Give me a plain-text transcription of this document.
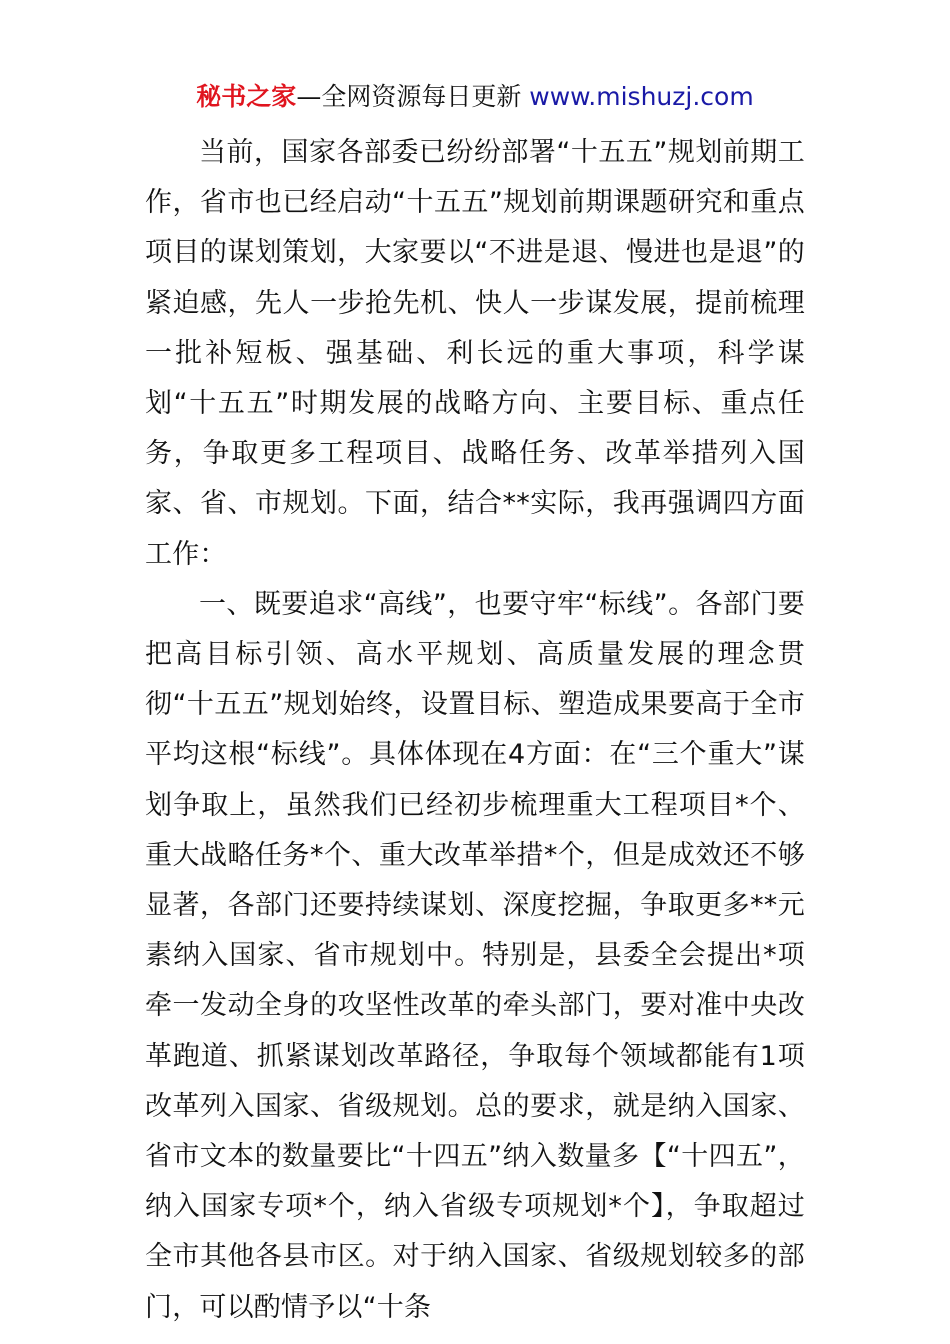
秘书之家—全网资源每日更新 www.mishuzj.com

当前，国家各部委已纷纷部署“十五五”规划前期工作，省市也已经启动“十五五”规划前期课题研究和重点项目的谋划策划，大家要以“不进是退、慢进也是退”的紧迫感，先人一步抢先机、快人一步谋发展，提前梳理一批补短板、强基础、利长远的重大事项，科学谋划“十五五”时期发展的战略方向、主要目标、重点任务，争取更多工程项目、战略任务、改革举措列入国家、省、市规划。下面，结合**实际，我再强调四方面工作：

一、既要追求“高线”，也要守牢“标线”。各部门要把高目标引领、高水平规划、高质量发展的理念贯彻“十五五”规划始终，设置目标、塑造成果要高于全市平均这根“标线”。具体体现在4方面：在“三个重大”谋划争取上，虽然我们已经初步梳理重大工程项目*个、重大战略任务*个、重大改革举措*个，但是成效还不够显著，各部门还要持续谋划、深度挖掘，争取更多**元素纳入国家、省市规划中。特别是，县委全会提出*项牵一发动全身的攻坚性改革的牵头部门，要对准中央改革跑道、抓紧谋划改革路径，争取每个领域都能有1项改革列入国家、省级规划。总的要求，就是纳入国家、省市文本的数量要比“十四五”纳入数量多【“十四五”，纳入国家专项*个，纳入省级专项规划*个】，争取超过全市其他各县市区。对于纳入国家、省级规划较多的部门，可以酌情予以“十条
